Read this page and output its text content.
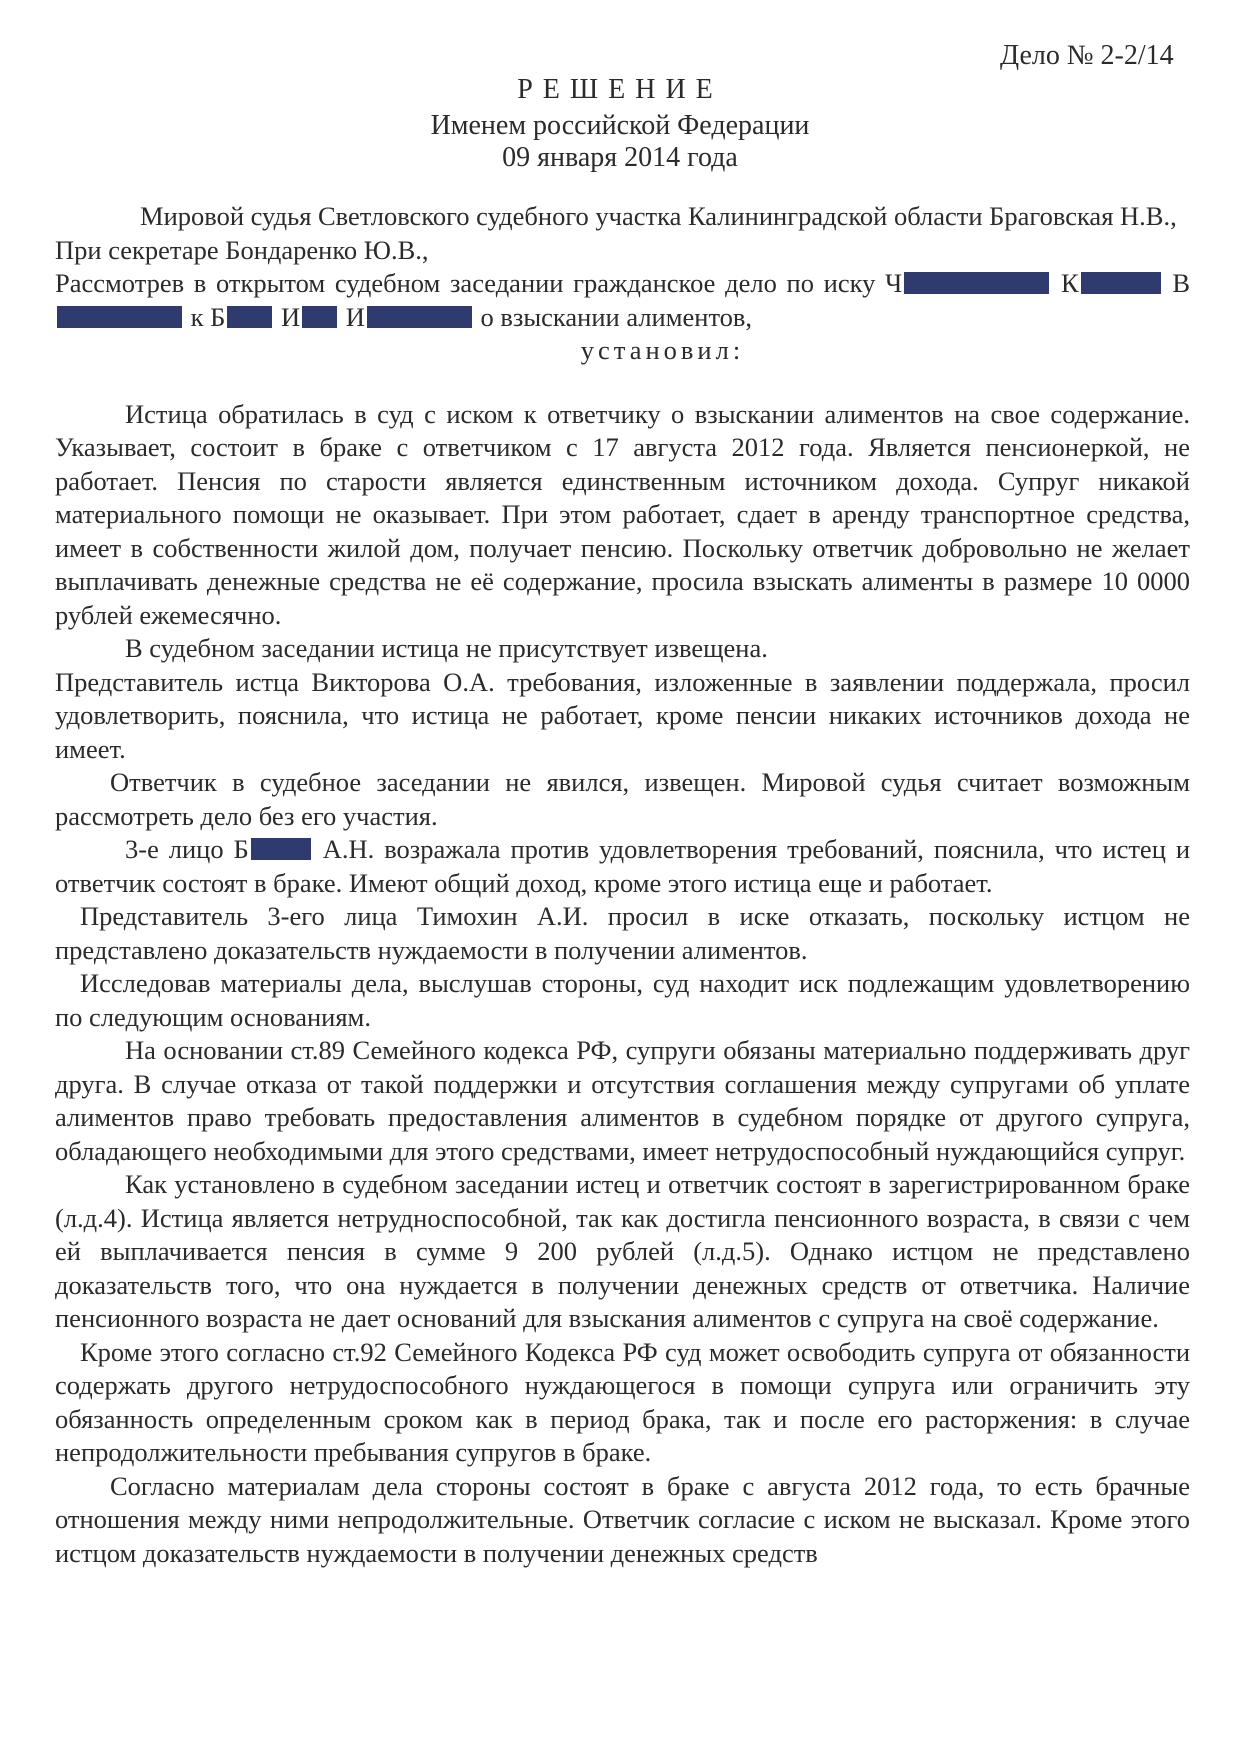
Дело № 2-2/14
РЕШЕНИЕ
Именем российской Федерации
09 января 2014 года

Мировой судья Светловского судебного участка Калининградской области Браговская Н.В.,

При секретаре Бондаренко Ю.В.,

Рассмотрев в открытом судебном заседании гражданское дело по иску Ч	К	В к Б И И	о взыскании алиментов,

установил:

Истица обратилась в суд с иском к ответчику о взыскании алиментов на свое содержание. Указывает, состоит в браке с ответчиком с 17 августа 2012 года. Является пенсионеркой, не работает. Пенсия по старости является единственным источником дохода. Супруг никакой материального помощи не оказывает. При этом работает, сдает в аренду транспортное средства, имеет в собственности жилой дом, получает пенсию. Поскольку ответчик добровольно не желает выплачивать денежные средства не её содержание, просила взыскать алименты в размере 10 0000 рублей ежемесячно.

В судебном заседании истица не присутствует извещена.

Представитель истца Викторова О.А. требования, изложенные в заявлении поддержала, просил удовлетворить, пояснила, что истица не работает, кроме пенсии никаких источников дохода не имеет.

Ответчик в судебное заседании не явился, извещен. Мировой судья считает возможным рассмотреть дело без его участия.

3-е лицо Б	А.Н. возражала против удовлетворения требований, пояснила, что истец и ответчик состоят в браке. Имеют общий доход, кроме этого истица еще и работает.

Представитель 3-его лица Тимохин А.И. просил в иске отказать, поскольку истцом не представлено доказательств нуждаемости в получении алиментов.

Исследовав материалы дела, выслушав стороны, суд находит иск подлежащим удовлетворению по следующим основаниям.

На основании ст.89 Семейного кодекса РФ, супруги обязаны материально поддерживать друг друга. В случае отказа от такой поддержки и отсутствия соглашения между супругами об уплате алиментов право требовать предоставления алиментов в судебном порядке от другого супруга, обладающего необходимыми для этого средствами, имеет нетрудоспособный нуждающийся супруг.

Как установлено в судебном заседании истец и ответчик состоят в зарегистрированном браке (л.д.4). Истица является нетрудноспособной, так как достигла пенсионного возраста, в связи с чем ей выплачивается пенсия в сумме 9 200 рублей (л.д.5). Однако истцом не представлено доказательств того, что она нуждается в получении денежных средств от ответчика. Наличие пенсионного возраста не дает оснований для взыскания алиментов с супруга на своё содержание.

Кроме этого согласно ст.92 Семейного Кодекса РФ суд может освободить супруга от обязанности содержать другого нетрудоспособного нуждающегося в помощи супруга или ограничить эту обязанность определенным сроком как в период брака, так и после его расторжения: в случае непродолжительности пребывания супругов в браке.

Согласно материалам дела стороны состоят в браке с августа 2012 года, то есть брачные отношения между ними непродолжительные. Ответчик согласие с иском не высказал. Кроме этого истцом доказательств нуждаемости в получении денежных средств
